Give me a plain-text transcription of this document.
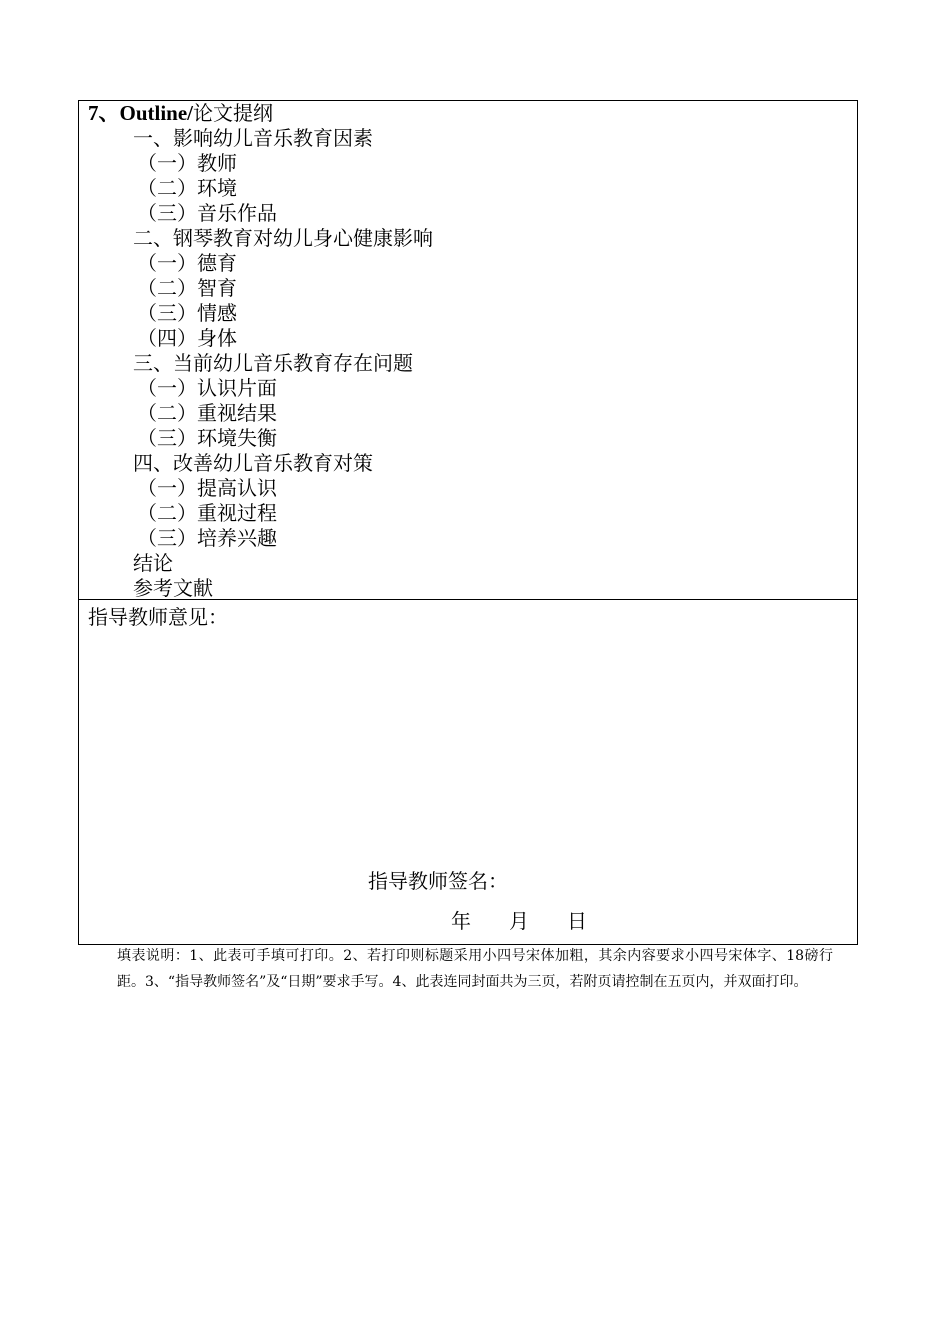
7、Outline/论文提纲
一、影响幼儿音乐教育因素
（一）教师
（二）环境
（三）音乐作品
二、钢琴教育对幼儿身心健康影响
（一）德育
（二）智育
（三）情感
（四）身体
三、当前幼儿音乐教育存在问题
（一）认识片面
（二）重视结果
（三）环境失衡
四、改善幼儿音乐教育对策
（一）提高认识
（二）重视过程
（三）培养兴趣
结论
参考文献
指导教师意见：
指导教师签名：
年 月 日
填表说明：1、此表可手填可打印。2、若打印则标题采用小四号宋体加粗，其余内容要求小四号宋体字、18磅行距。3、“指导教师签名”及“日期”要求手写。4、此表连同封面共为三页，若附页请控制在五页内，并双面打印。
